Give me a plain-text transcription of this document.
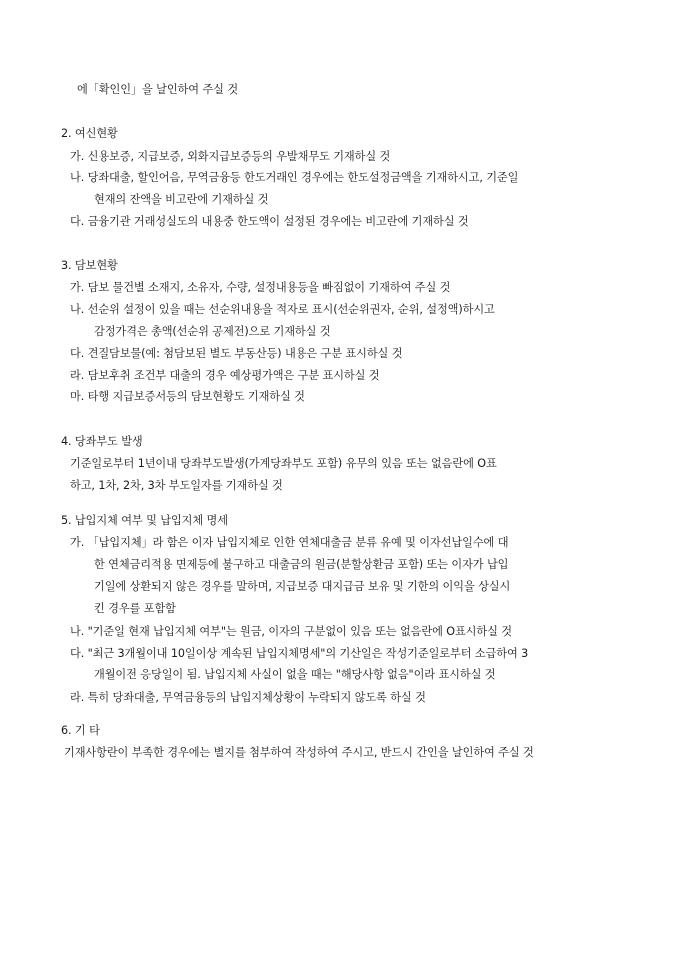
에「확인인」을 날인하여 주실 것
2. 여신현황
가. 신용보증, 지급보증, 외화지급보증등의 우발채무도 기재하실 것
나. 당좌대출, 할인어음, 무역금융등 한도거래인 경우에는 한도설정금액을 기재하시고, 기준일
현재의 잔액을 비고란에 기재하실 것
다. 금융기관 거래성실도의 내용중 한도액이 설정된 경우에는 비고란에 기재하실 것
3. 담보현황
가. 담보 물건별 소재지, 소유자, 수량, 설정내용등을 빠짐없이 기재하여 주실 것
나. 선순위 설정이 있을 때는 선순위내용을 적자로 표시(선순위권자, 순위, 설정액)하시고
감정가격은 총액(선순위 공제전)으로 기재하실 것
다. 견질담보물(예: 첨담보된 별도 부동산등) 내용은 구분 표시하실 것
라. 담보후취 조건부 대출의 경우 예상평가액은 구분 표시하실 것
마. 타행 지급보증서등의 담보현황도 기재하실 것
4. 당좌부도 발생
기준일로부터 1년이내 당좌부도발생(가계당좌부도 포함) 유무의 있음 또는 없음란에 O표
하고, 1차, 2차, 3차 부도일자를 기재하실 것
5. 납입지체 여부 및 납입지체 명세
가. 「납입지체」라 함은 이자 납입지체로 인한 연체대출금 분류 유예 및 이자선납일수에 대
한 연체금리적용 면제등에 불구하고 대출금의 원금(분할상환금 포함) 또는 이자가 납입
기일에 상환되지 않은 경우를 말하며, 지급보증 대지급금 보유 및 기한의 이익을 상실시
킨 경우를 포함함
나. "기준일 현재 납입지체 여부"는 원금, 이자의 구분없이 있음 또는 없음란에 O표시하실 것
다. "최근 3개월이내 10일이상 계속된 납입지체명세"의 기산일은 작성기준일로부터 소급하여 3
개월이전 응당일이 됨. 납입지체 사실이 없을 때는 "해당사항 없음"이라 표시하실 것
라. 특히 당좌대출, 무역금융등의 납입지체상황이 누락되지 않도록 하실 것
6. 기 타
기재사항란이 부족한 경우에는 별지를 첨부하여 작성하여 주시고, 반드시 간인을 날인하여 주실 것
